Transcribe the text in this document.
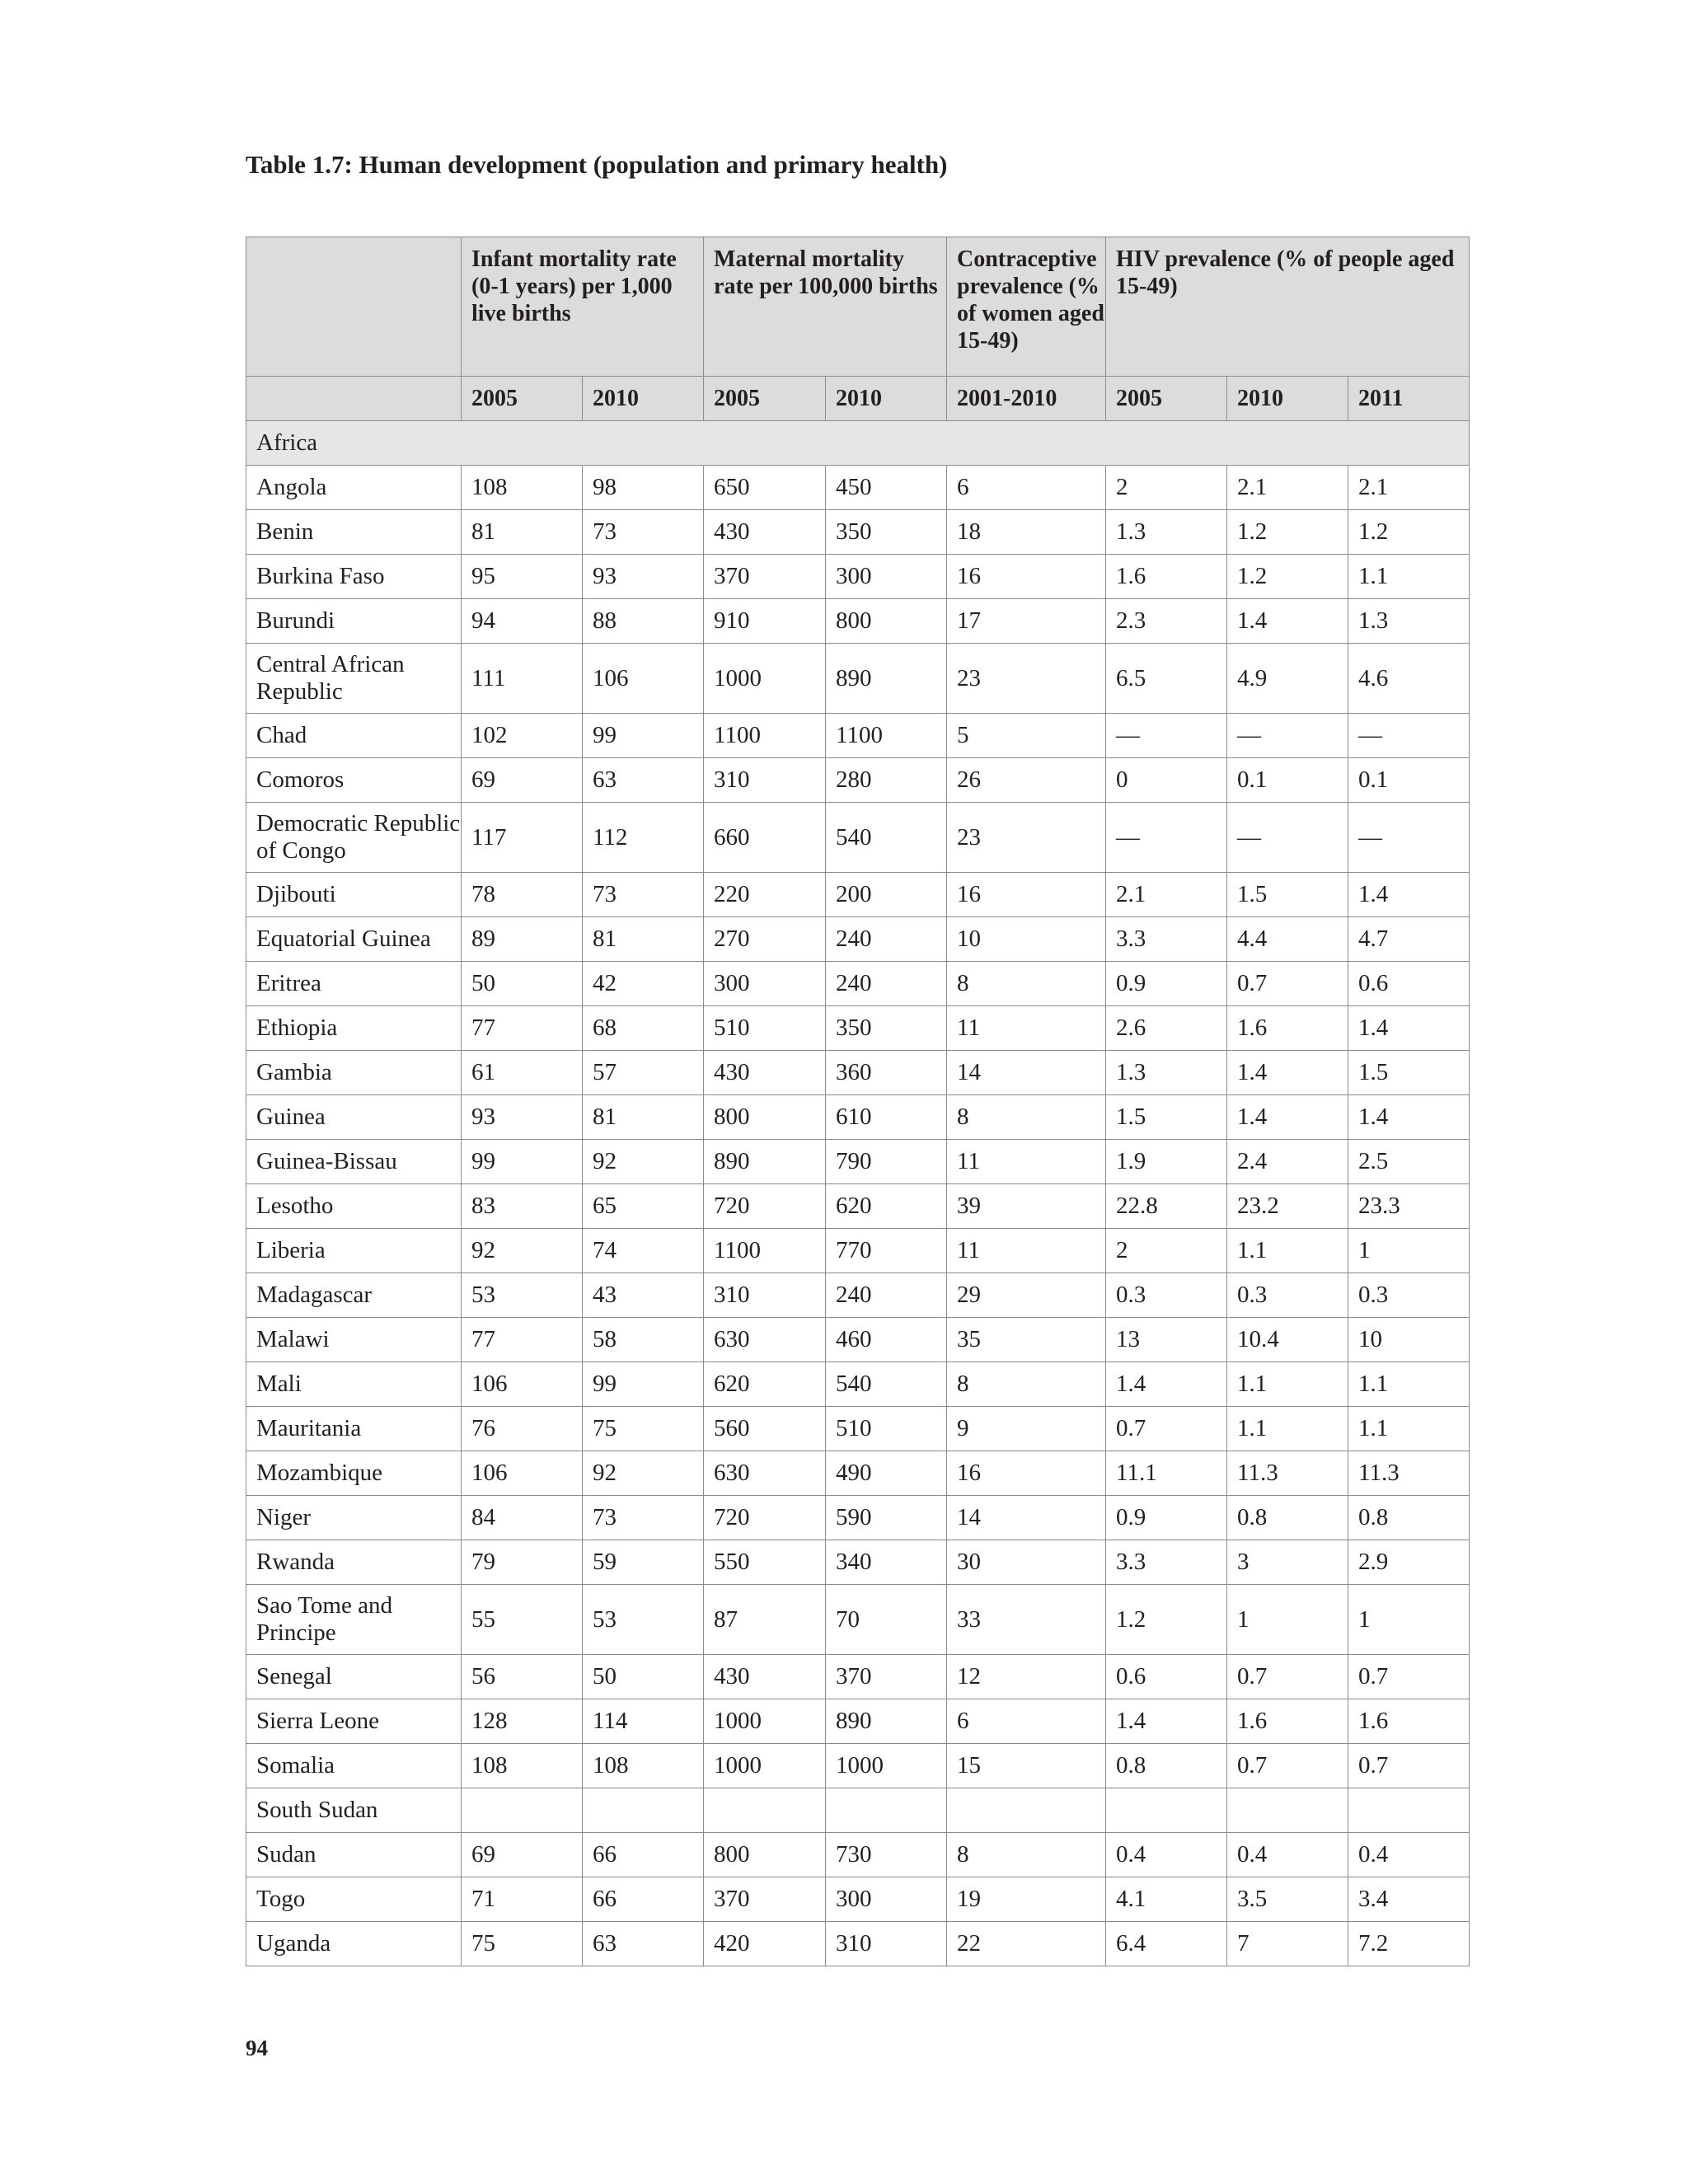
Table 1.7: Human development (population and primary health)
	Infant mortality rate (0-1 years) per 1,000 live births		Maternal mortality rate per 100,000 births		Contraceptive prevalence (% of women aged 15-49)	HIV prevalence (% of people aged 15-49)		
	2005	2010	2005	2010	2001-2010	2005	2010	2011
Africa								
Angola	108	98	650	450	6	2	2.1	2.1
Benin	81	73	430	350	18	1.3	1.2	1.2
Burkina Faso	95	93	370	300	16	1.6	1.2	1.1
Burundi	94	88	910	800	17	2.3	1.4	1.3
Central African Republic	111	106	1000	890	23	6.5	4.9	4.6
Chad	102	99	1100	1100	5	—	—	—
Comoros	69	63	310	280	26	0	0.1	0.1
Democratic Republic of Congo	117	112	660	540	23	—	—	—
Djibouti	78	73	220	200	16	2.1	1.5	1.4
Equatorial Guinea	89	81	270	240	10	3.3	4.4	4.7
Eritrea	50	42	300	240	8	0.9	0.7	0.6
Ethiopia	77	68	510	350	11	2.6	1.6	1.4
Gambia	61	57	430	360	14	1.3	1.4	1.5
Guinea	93	81	800	610	8	1.5	1.4	1.4
Guinea-Bissau	99	92	890	790	11	1.9	2.4	2.5
Lesotho	83	65	720	620	39	22.8	23.2	23.3
Liberia	92	74	1100	770	11	2	1.1	1
Madagascar	53	43	310	240	29	0.3	0.3	0.3
Malawi	77	58	630	460	35	13	10.4	10
Mali	106	99	620	540	8	1.4	1.1	1.1
Mauritania	76	75	560	510	9	0.7	1.1	1.1
Mozambique	106	92	630	490	16	11.1	11.3	11.3
Niger	84	73	720	590	14	0.9	0.8	0.8
Rwanda	79	59	550	340	30	3.3	3	2.9
Sao Tome and Principe	55	53	87	70	33	1.2	1	1
Senegal	56	50	430	370	12	0.6	0.7	0.7
Sierra Leone	128	114	1000	890	6	1.4	1.6	1.6
Somalia	108	108	1000	1000	15	0.8	0.7	0.7
South Sudan								
Sudan	69	66	800	730	8	0.4	0.4	0.4
Togo	71	66	370	300	19	4.1	3.5	3.4
Uganda	75	63	420	310	22	6.4	7	7.2
94
